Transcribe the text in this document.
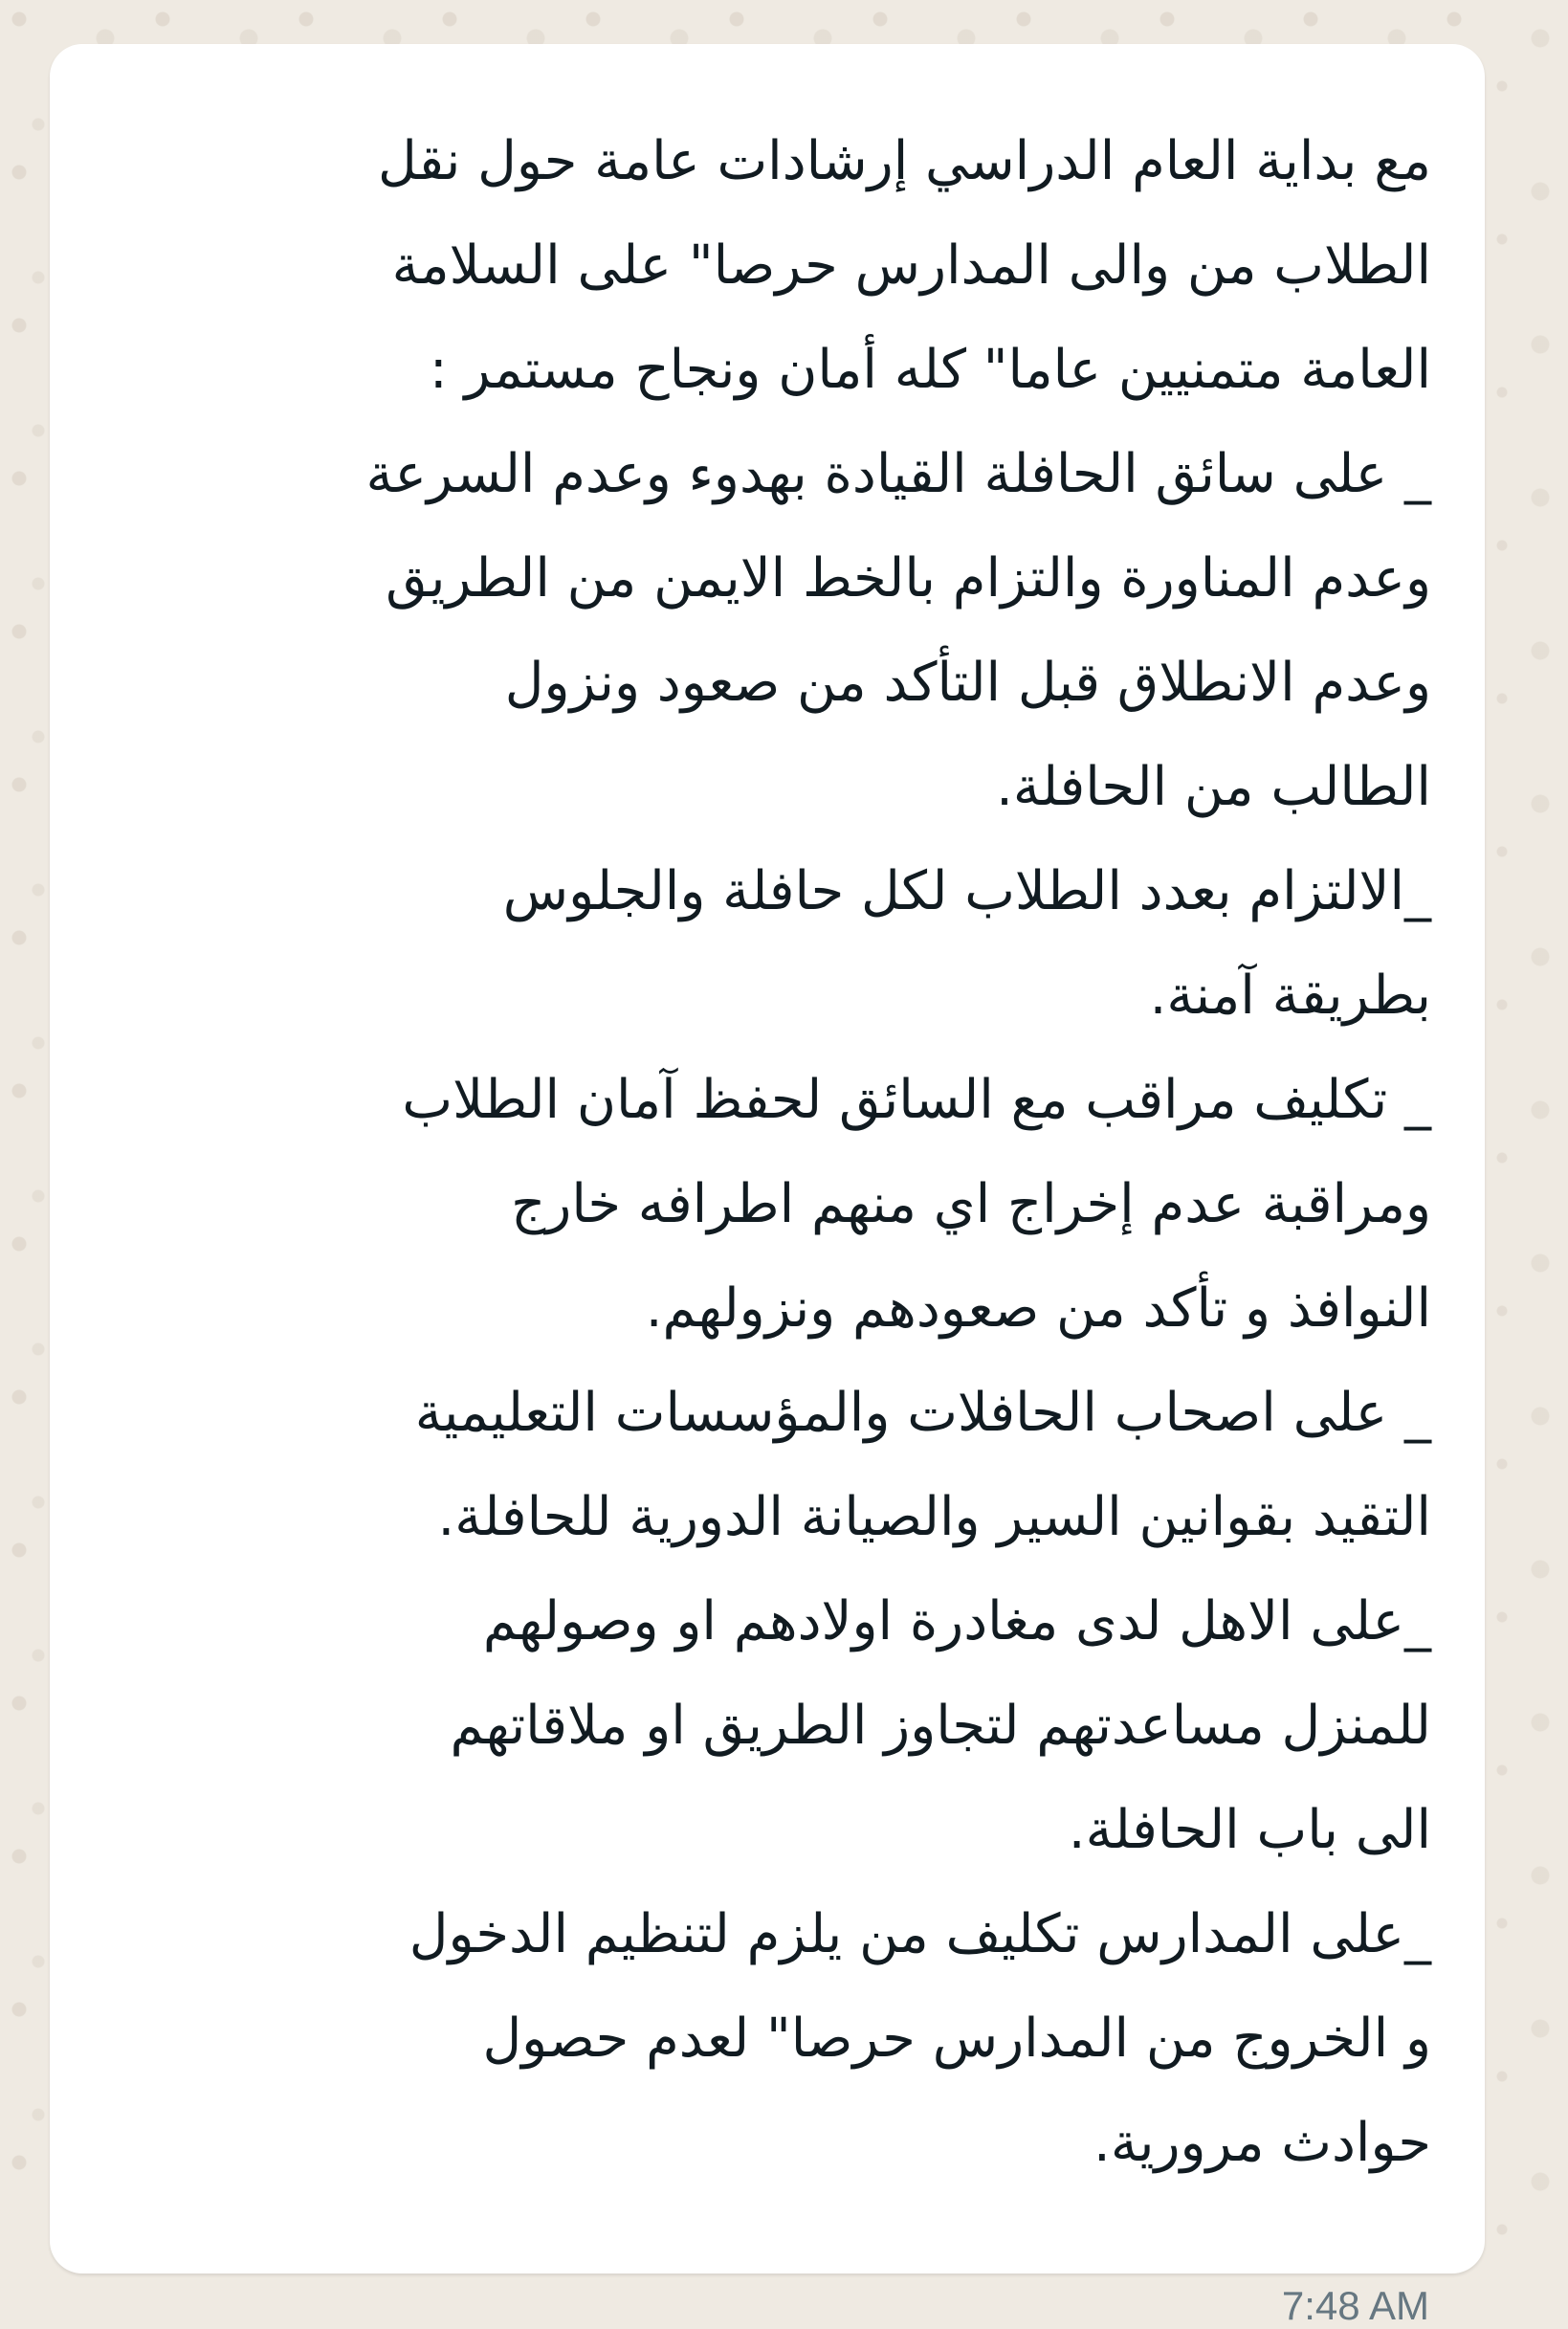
مع بداية العام الدراسي إرشادات عامة حول نقل
الطلاب من والى المدارس حرصا" على السلامة
العامة متمنيين عاما" كله أمان ونجاح مستمر :
_ على سائق الحافلة القيادة بهدوء وعدم السرعة
وعدم المناورة والتزام بالخط الايمن من الطريق
وعدم الانطلاق قبل التأكد من صعود ونزول
الطالب من الحافلة.
_الالتزام بعدد الطلاب لكل حافلة والجلوس
بطريقة آمنة.
_ تكليف مراقب مع السائق لحفظ آمان الطلاب
ومراقبة عدم إخراج اي منهم اطرافه خارج
النوافذ و تأكد من صعودهم ونزولهم.
_ على اصحاب الحافلات والمؤسسات التعليمية
التقيد بقوانين السير والصيانة الدورية للحافلة.
_على الاهل لدى مغادرة اولادهم او وصولهم
للمنزل مساعدتهم لتجاوز الطريق او ملاقاتهم
الى باب الحافلة.
_على المدارس تكليف من يلزم لتنظيم الدخول
و الخروج من المدارس حرصا" لعدم حصول
حوادث مرورية.

7:48 AM
